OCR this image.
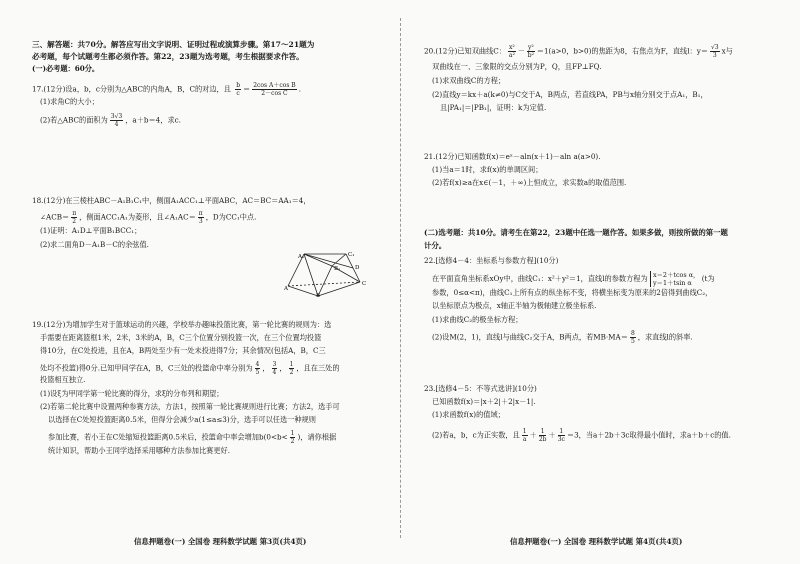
三、解答题：共70分。解答应写出文字说明、证明过程或演算步骤。第17～21题为
必考题，每个试题考生都必须作答。第22，23题为选考题，考生根据要求作答。
(一)必考题：60分。
17.(12分)设a，b，c分别为△ABC的内角A，B，C的对边，且 $\frac{b}{c} = \frac{\text{2cos A＋cos B}}{\text{2－cos C}}$ .
(1)求角C的大小；
(2)若△ABC的面积为 $\frac{3√3}{4}$ ，a＋b＝4，求c.
18.(12分)在三棱柱ABC－A₁B₁C₁中，侧面A₁ACC₁⊥平面ABC，AC＝BC＝AA₁＝4，
∠ACB＝ $\frac{\pi}{2}$ ，侧面ACC₁A₁为菱形，且∠A₁AC＝ $\frac{\pi}{3}$ ，D为CC₁中点.
(1)证明：A₁D⊥平面B₁BCC₁；
(2)求二面角D－A₁B－C的余弦值.
A₁	C₁
B₁	D
A
C
B
19.(12分)为增加学生对于篮球运动的兴趣，学校举办趣味投篮比赛，第一轮比赛的规则为：选
手需要在距离篮框1米，2米，3米的A，B，C三个位置分别投篮一次，在三个位置均投篮
得10分，在C处投进，且在A，B两处至少有一处未投进得7分；其余情况(包括A，B，C三
处均不投篮)得0分.已知甲同学在A，B，C三处的投篮命中率分别为 $\frac{4}{5}$ ， $\frac{3}{4}$ ， $\frac{1}{2}$ ，且在三处的
投篮相互独立.
(1)设ξ为甲同学第一轮比赛的得分，求ξ的分布列和期望；
(2)若第二轮比赛中设置两种参赛方法，方法1，按照第一轮比赛规则进行比赛；方法2，选手可
以选择在C处短投篮距离0.5米，但得分会减少a(1≤a≤3)分，选手可以任选一种规则
参加比赛，若小王在C处缩短投篮距离0.5米后，投篮命中率会增加$b(0<b< \frac{1}{2}$ )，请你根据
统计知识，帮助小王同学选择采用哪种方法参加比赛更好.
信息押题卷(一) 全国卷 理科数学试题 第3页(共4页)
20.(12分)已知双曲线C： $\frac{\text{x²}}{\text{a²}} - \frac{\text{y²}}{\text{b²}} =1(a>0$，b>0)的焦距为8，右焦点为F，直线l：$y= \frac{√3}{3}$ x与
双曲线在一、三象限的交点分别为P，Q，且FP⊥FQ.
(1)求双曲线C的方程；
(2)直线y＝kx＋a(k≠0)与C交于A，B两点，若直线PA，PB与x轴分别交于点A₁，B₁，
且|PA₁|＝|PB₁|，证明：k为定值.
21.(12分)已知函数f(x)＝eˣ－aln(x＋1)－aln a(a>0).
(1)当a＝1时，求f(x)的单调区间；
(2)若f(x)≥a在x∈(－1，＋∞)上恒成立，求实数a的取值范围.
(二)选考题：共10分。请考生在第22，23题中任选一题作答。如果多做，则按所做的第一题
计分。
22.[选修4－4：坐标系与参数方程](10分)
在平面直角坐标系xOy中，曲线C₁：x²＋y²＝1，直线l的参数方程为 x＝2＋tcos α，
y＝1＋tsin α	(t为
参数，0≤α<π)，曲线C₁上所有点的纵坐标不变，将横坐标变为原来的2倍得到曲线C₂，
以坐标原点为极点，x轴正半轴为极轴建立极坐标系.
(1)求曲线C₂的极坐标方程；
(2)设M(2，1)，直线l与曲线C₂交于A，B两点，若$MB\cdot MA= \frac{8}{5}$ ，求直线l的斜率.
23.[选修4－5：不等式选讲](10分)
已知函数f(x)＝|x＋2|＋2|x－1|.
(1)求函数f(x)的值域；
(2)若a，b，c为正实数，且 $\frac{1}{a} + \frac{1}{2b} + \frac{1}{3c} =3$，当a＋2b＋3c取得最小值时，求a＋b＋c的值.
信息押题卷(一) 全国卷 理科数学试题 第4页(共4页)
